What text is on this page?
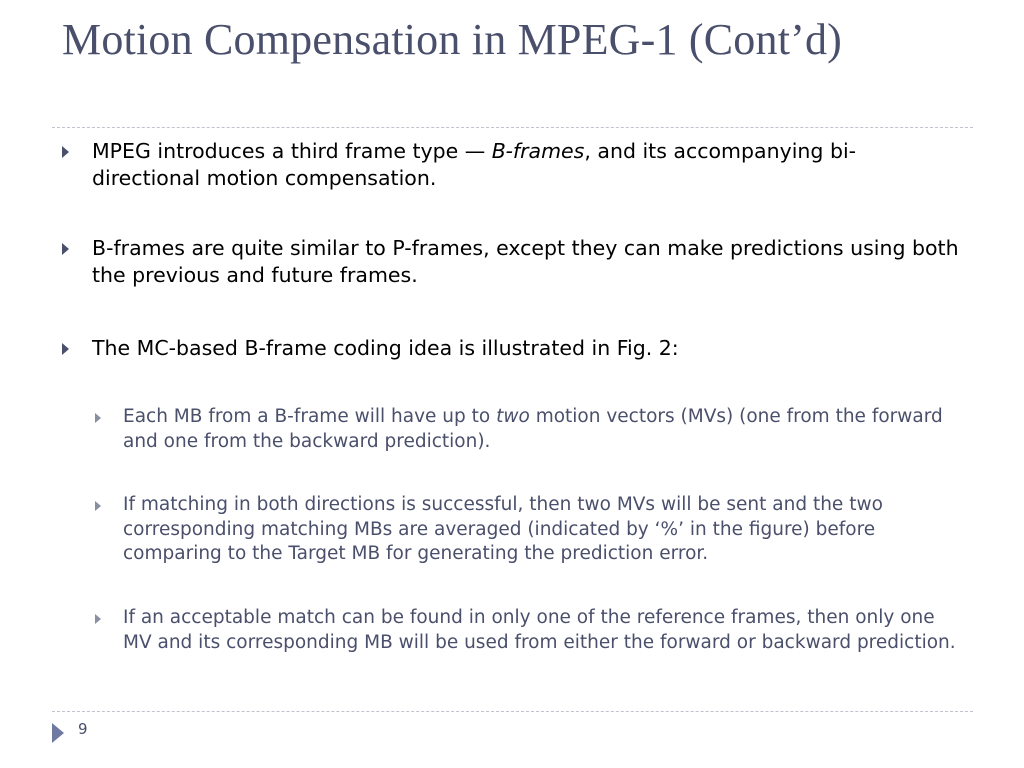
Motion Compensation in MPEG-1 (Cont’d)
MPEG introduces a third frame type — B-frames, and its accompanying bi-directional motion compensation.
B-frames are quite similar to P-frames, except they can make predictions using both the previous and future frames.
The MC-based B-frame coding idea is illustrated in Fig. 2:
Each MB from a B-frame will have up to two motion vectors (MVs) (one from the forward and one from the backward prediction).
If matching in both directions is successful, then two MVs will be sent and the two corresponding matching MBs are averaged (indicated by ‘%’ in the figure) before comparing to the Target MB for generating the prediction error.
If an acceptable match can be found in only one of the reference frames, then only one MV and its corresponding MB will be used from either the forward or backward prediction.
9
